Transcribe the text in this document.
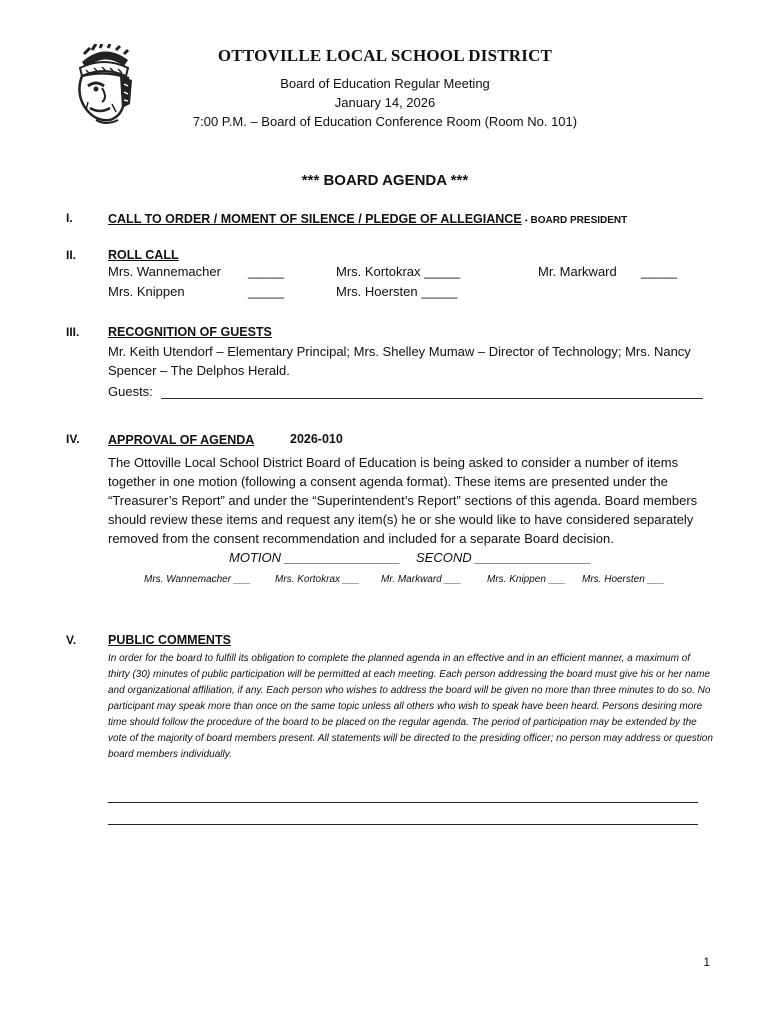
OTTOVILLE LOCAL SCHOOL DISTRICT
Board of Education Regular Meeting
January 14, 2026
7:00 P.M. – Board of Education Conference Room (Room No. 101)
*** BOARD AGENDA ***
I.	CALL TO ORDER / MOMENT OF SILENCE / PLEDGE OF ALLEGIANCE - BOARD PRESIDENT
II.	ROLL CALL
Mrs. Wannemacher _____	Mrs. Kortokrax _____	Mr. Markward _____
Mrs. Knippen	_____	Mrs. Hoersten _____
III. RECOGNITION OF GUESTS
Mr. Keith Utendorf – Elementary Principal; Mrs. Shelley Mumaw – Director of Technology; Mrs. Nancy Spencer – The Delphos Herald.
Guests:
IV. APPROVAL OF AGENDA	2026-010
The Ottoville Local School District Board of Education is being asked to consider a number of items together in one motion (following a consent agenda format). These items are presented under the “Treasurer’s Report” and under the “Superintendent’s Report” sections of this agenda. Board members should review these items and request any item(s) he or she would like to have considered separately removed from the consent recommendation and included for a separate Board decision.
MOTION ________________ SECOND ________________
Mrs. Wannemacher ___ Mrs. Kortokrax ___ Mr. Markward ___	Mrs. Knippen ___ Mrs. Hoersten ___
V.	PUBLIC COMMENTS
In order for the board to fulfill its obligation to complete the planned agenda in an effective and in an efficient manner, a maximum of thirty (30) minutes of public participation will be permitted at each meeting. Each person addressing the board must give his or her name and organizational affiliation, if any. Each person who wishes to address the board will be given no more than three minutes to do so. No participant may speak more than once on the same topic unless all others who wish to speak have been heard. Persons desiring more time should follow the procedure of the board to be placed on the regular agenda. The period of participation may be extended by the vote of the majority of board members present. All statements will be directed to the presiding officer; no person may address or question board members individually.
1
